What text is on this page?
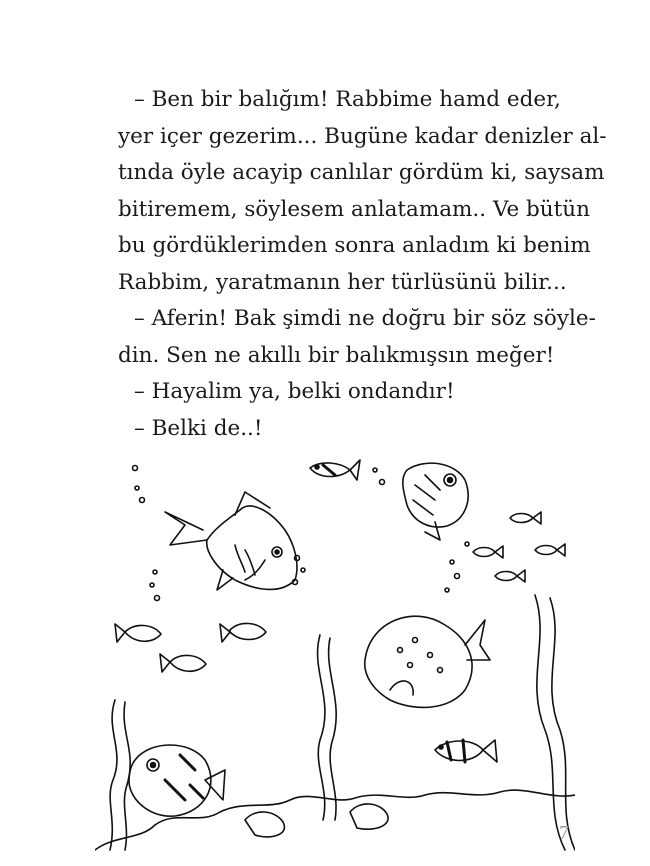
– Ben bir balığım! Rabbime hamd eder,
yer içer gezerim... Bugüne kadar denizler al-
tında öyle acayip canlılar gördüm ki, saysam
bitiremem, söylesem anlatamam.. Ve bütün
bu gördüklerimden sonra anladım ki benim
Rabbim, yaratmanın her türlüsünü bilir...
– Aferin! Bak şimdi ne doğru bir söz söyle-
din. Sen ne akıllı bir balıkmışsın meğer!
– Hayalim ya, belki ondandır!
– Belki de..!
7
